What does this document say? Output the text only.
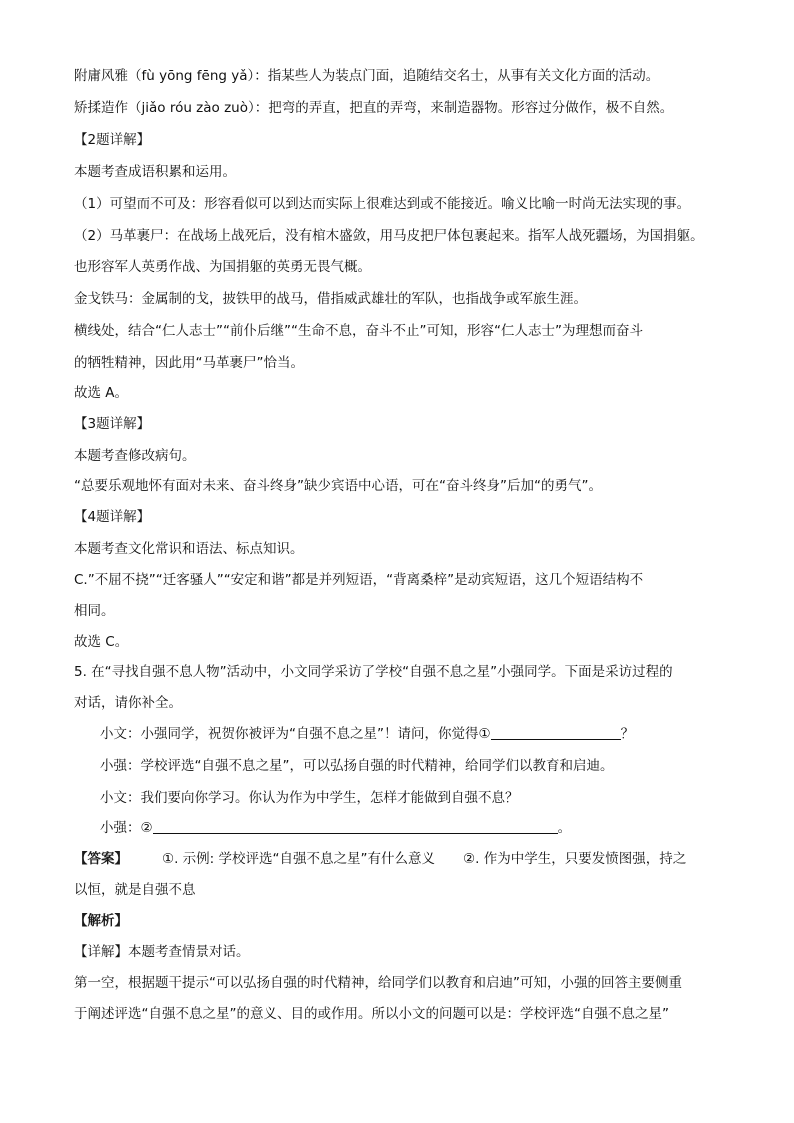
附庸风雅（fù yōng fēng yǎ）：指某些人为装点门面，追随结交名士，从事有关文化方面的活动。
矫揉造作（jiǎo róu zào zuò）：把弯的弄直，把直的弄弯，来制造器物。形容过分做作，极不自然。
【2题详解】
本题考查成语积累和运用。
（1）可望而不可及：形容看似可以到达而实际上很难达到或不能接近。喻义比喻一时尚无法实现的事。
（2）马革裹尸：在战场上战死后，没有棺木盛敛，用马皮把尸体包裹起来。指军人战死疆场，为国捐躯。
也形容军人英勇作战、为国捐躯的英勇无畏气概。
金戈铁马：金属制的戈，披铁甲的战马，借指威武雄壮的军队，也指战争或军旅生涯。
横线处，结合“仁人志士”“前仆后继”“生命不息，奋斗不止”可知，形容“仁人志士”为理想而奋斗
的牺牲精神，因此用“马革裹尸”恰当。
故选 A。
【3题详解】
本题考查修改病句。
“总要乐观地怀有面对未来、奋斗终身”缺少宾语中心语，可在“奋斗终身”后加“的勇气”。
【4题详解】
本题考查文化常识和语法、标点知识。
C.”不屈不挠”“迁客骚人”“安定和谐”都是并列短语，“背离桑梓”是动宾短语，这几个短语结构不
相同。
故选 C。
5. 在“寻找自强不息人物”活动中，小文同学采访了学校“自强不息之星”小强同学。下面是采访过程的
对话，请你补全。
小文：小强同学，祝贺你被评为“自强不息之星”！请问，你觉得①	？
小强：学校评选“自强不息之星”，可以弘扬自强的时代精神，给同学们以教育和启迪。
小文：我们要向你学习。你认为作为中学生，怎样才能做到自强不息？
小强：②	。
【答案】	①. 示例: 学校评选“自强不息之星”有什么意义 ②. 作为中学生，只要发愤图强，持之
以恒，就是自强不息
【解析】
【详解】本题考查情景对话。
第一空，根据题干提示“可以弘扬自强的时代精神，给同学们以教育和启迪”可知，小强的回答主要侧重
于阐述评选“自强不息之星”的意义、目的或作用。所以小文的问题可以是：学校评选“自强不息之星”
